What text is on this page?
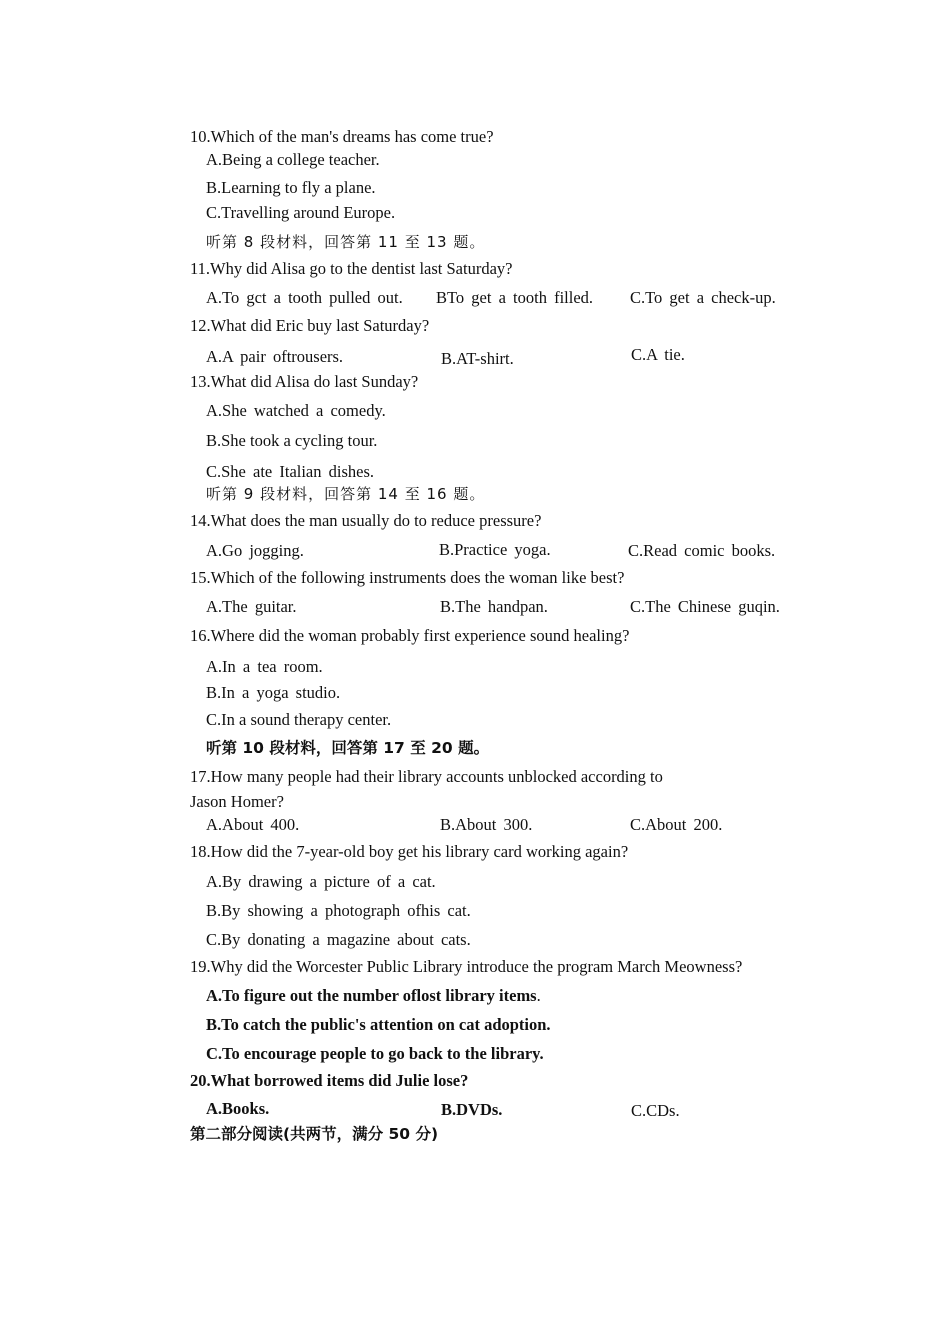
10.Which of the man's dreams has come true?
A.Being a college teacher.
B.Learning to fly a plane.
C.Travelling around Europe.
听第 8 段材料，回答第 11 至 13 题。
11.Why did Alisa go to the dentist last Saturday?
A.To gct a tooth pulled out. BTo get a tooth filled. C.To get a check-up.
12.What did Eric buy last Saturday?
A.A pair oftrousers.	B.AT-shirt.	C.A tie.
13.What did Alisa do last Sunday?
A.She watched a comedy.
B.She took a cycling tour.
C.She ate Italian dishes.
听第 9 段材料，回答第 14 至 16 题。
14.What does the man usually do to reduce pressure?
A.Go jogging.	B.Practice yoga.	C.Read comic books.
15.Which of the following instruments does the woman like best?
A.The guitar.	B.The handpan.	C.The Chinese guqin.
16.Where did the woman probably first experience sound healing?
A.In a tea room.
B.In a yoga studio.
C.In a sound therapy center.
听第 10 段材料，回答第 17 至 20 题。
17.How many people had their library accounts unblocked according to
Jason Homer?
A.About 400.	B.About 300.	C.About 200.
18.How did the 7-year-old boy get his library card working again?
A.By drawing a picture of a cat.
B.By showing a photograph ofhis cat.
C.By donating a magazine about cats.
19.Why did the Worcester Public Library introduce the program March Meowness?
A.To figure out the number oflost library items.
B.To catch the public's attention on cat adoption.
C.To encourage people to go back to the library.
20.What borrowed items did Julie lose?
A.Books.	B.DVDs.	C.CDs.
第二部分阅读(共两节，满分 50 分)
